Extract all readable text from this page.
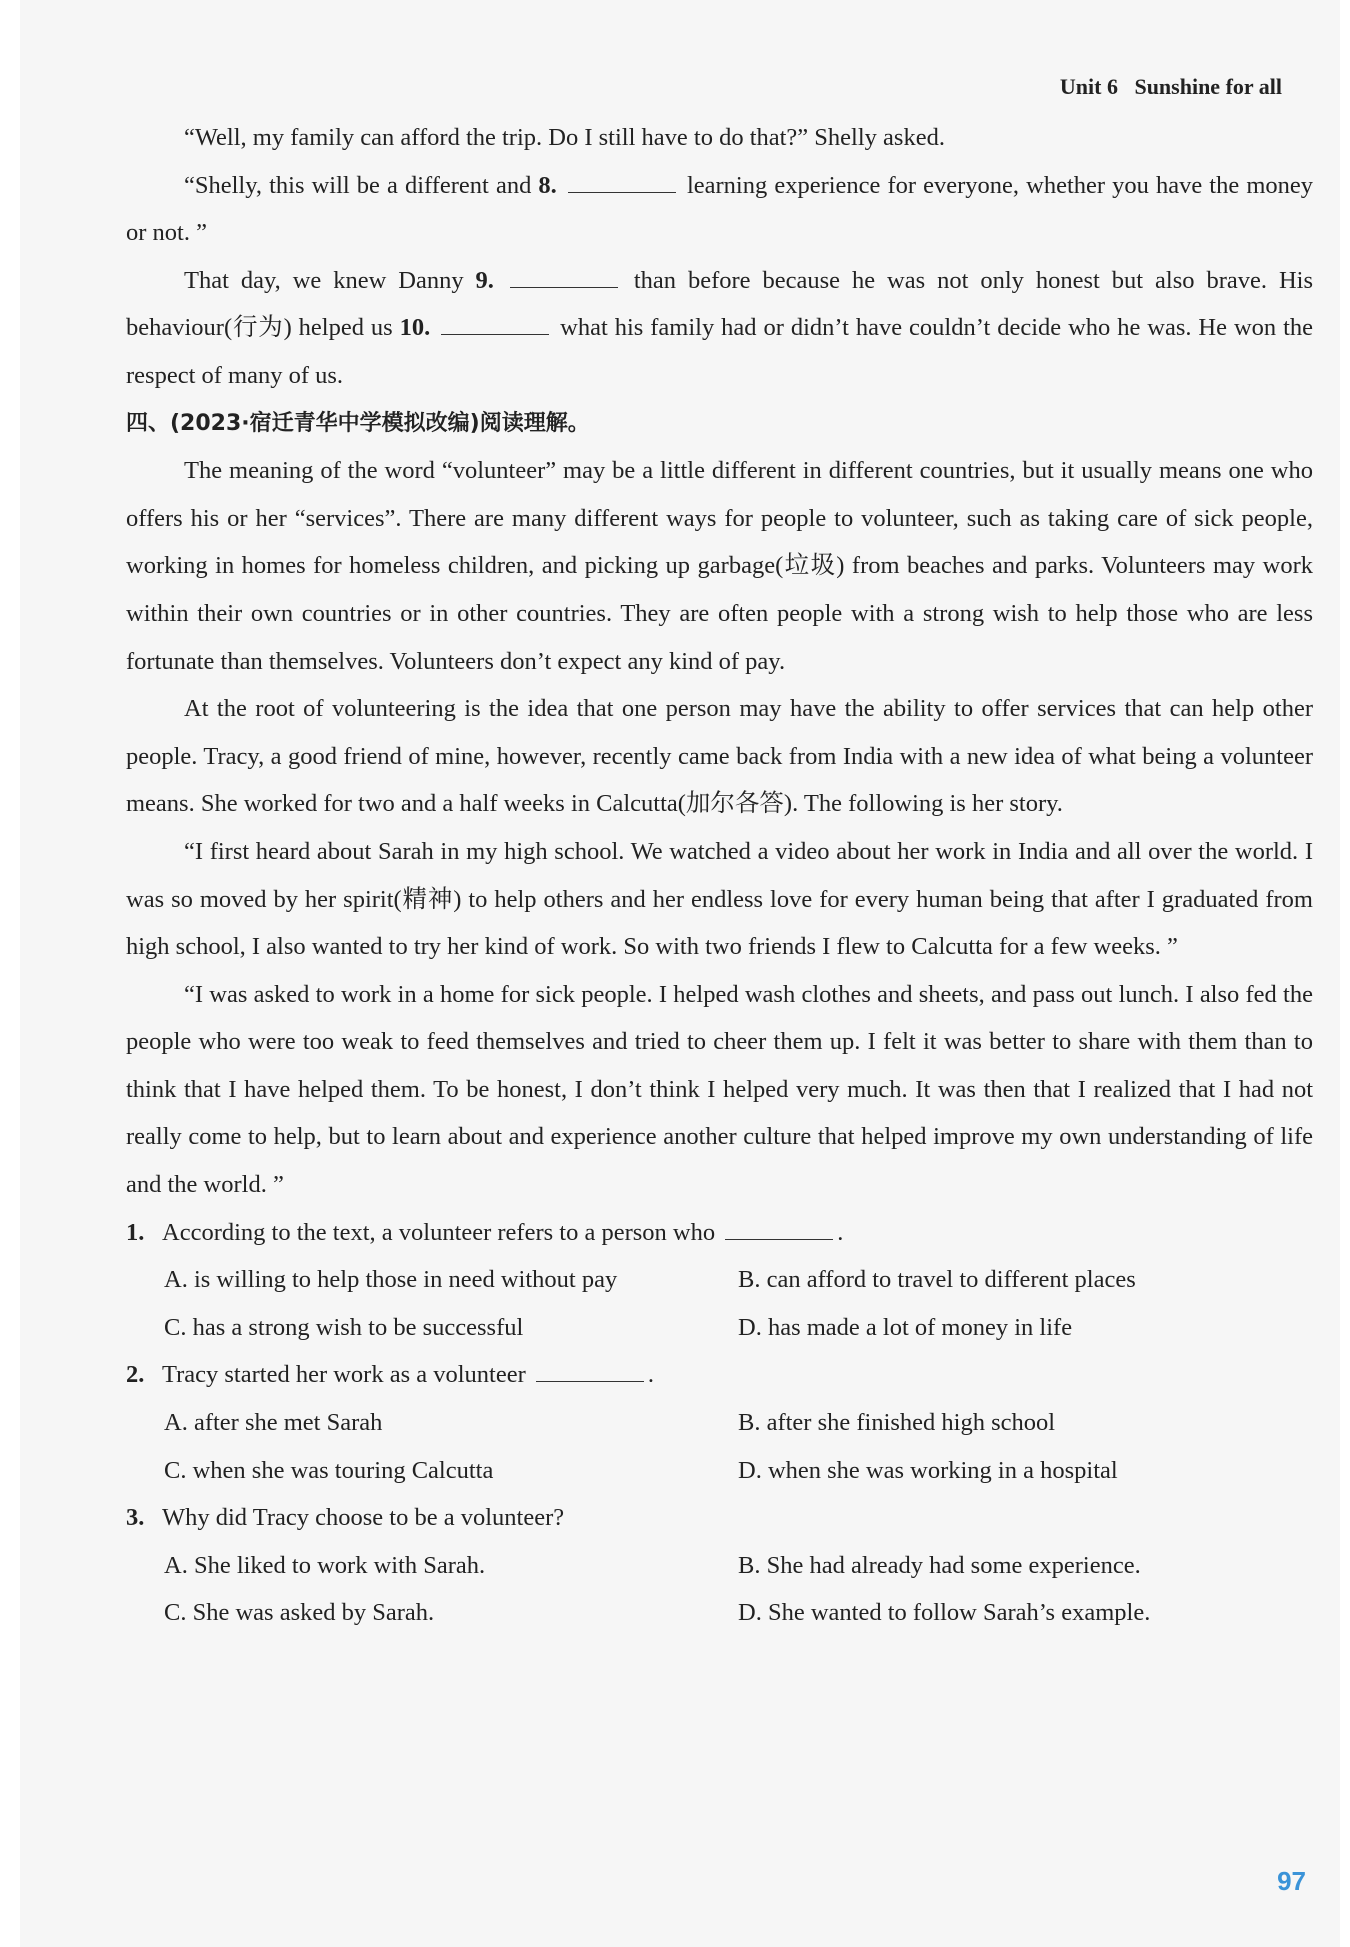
Unit 6   Sunshine for all

“Well, my family can afford the trip. Do I still have to do that?” Shelly asked.

“Shelly, this will be a different and 8.	learning experience for everyone, whether you have the money or not. ”

That day, we knew Danny 9.	than before because he was not only honest but also brave. His behaviour(行为) helped us 10.	what his family had or didn’t have couldn’t decide who he was. He won the respect of many of us.

四、(2023·宿迁青华中学模拟改编)阅读理解。

The meaning of the word “volunteer” may be a little different in different countries, but it usually means one who offers his or her “services”. There are many different ways for people to volunteer, such as taking care of sick people, working in homes for homeless children, and picking up garbage(垃圾) from beaches and parks. Volunteers may work within their own countries or in other countries. They are often people with a strong wish to help those who are less fortunate than themselves. Volunteers don’t expect any kind of pay.

At the root of volunteering is the idea that one person may have the ability to offer services that can help other people. Tracy, a good friend of mine, however, recently came back from India with a new idea of what being a volunteer means. She worked for two and a half weeks in Calcutta(加尔各答). The following is her story.

“I first heard about Sarah in my high school. We watched a video about her work in India and all over the world. I was so moved by her spirit(精神) to help others and her endless love for every human being that after I graduated from high school, I also wanted to try her kind of work. So with two friends I flew to Calcutta for a few weeks. ”

“I was asked to work in a home for sick people. I helped wash clothes and sheets, and pass out lunch. I also fed the people who were too weak to feed themselves and tried to cheer them up. I felt it was better to share with them than to think that I have helped them. To be honest, I don’t think I helped very much. It was then that I realized that I had not really come to help, but to learn about and experience another culture that helped improve my own understanding of life and the world. ”

1. According to the text, a volunteer refers to a person who	.

A. is willing to help those in need without pay	B. can afford to travel to different places
C. has a strong wish to be successful	D. has made a lot of money in life

2. Tracy started her work as a volunteer	.

A. after she met Sarah	B. after she finished high school
C. when she was touring Calcutta	D. when she was working in a hospital

3. Why did Tracy choose to be a volunteer?

A. She liked to work with Sarah.	B. She had already had some experience.
C. She was asked by Sarah.	D. She wanted to follow Sarah’s example.
97
